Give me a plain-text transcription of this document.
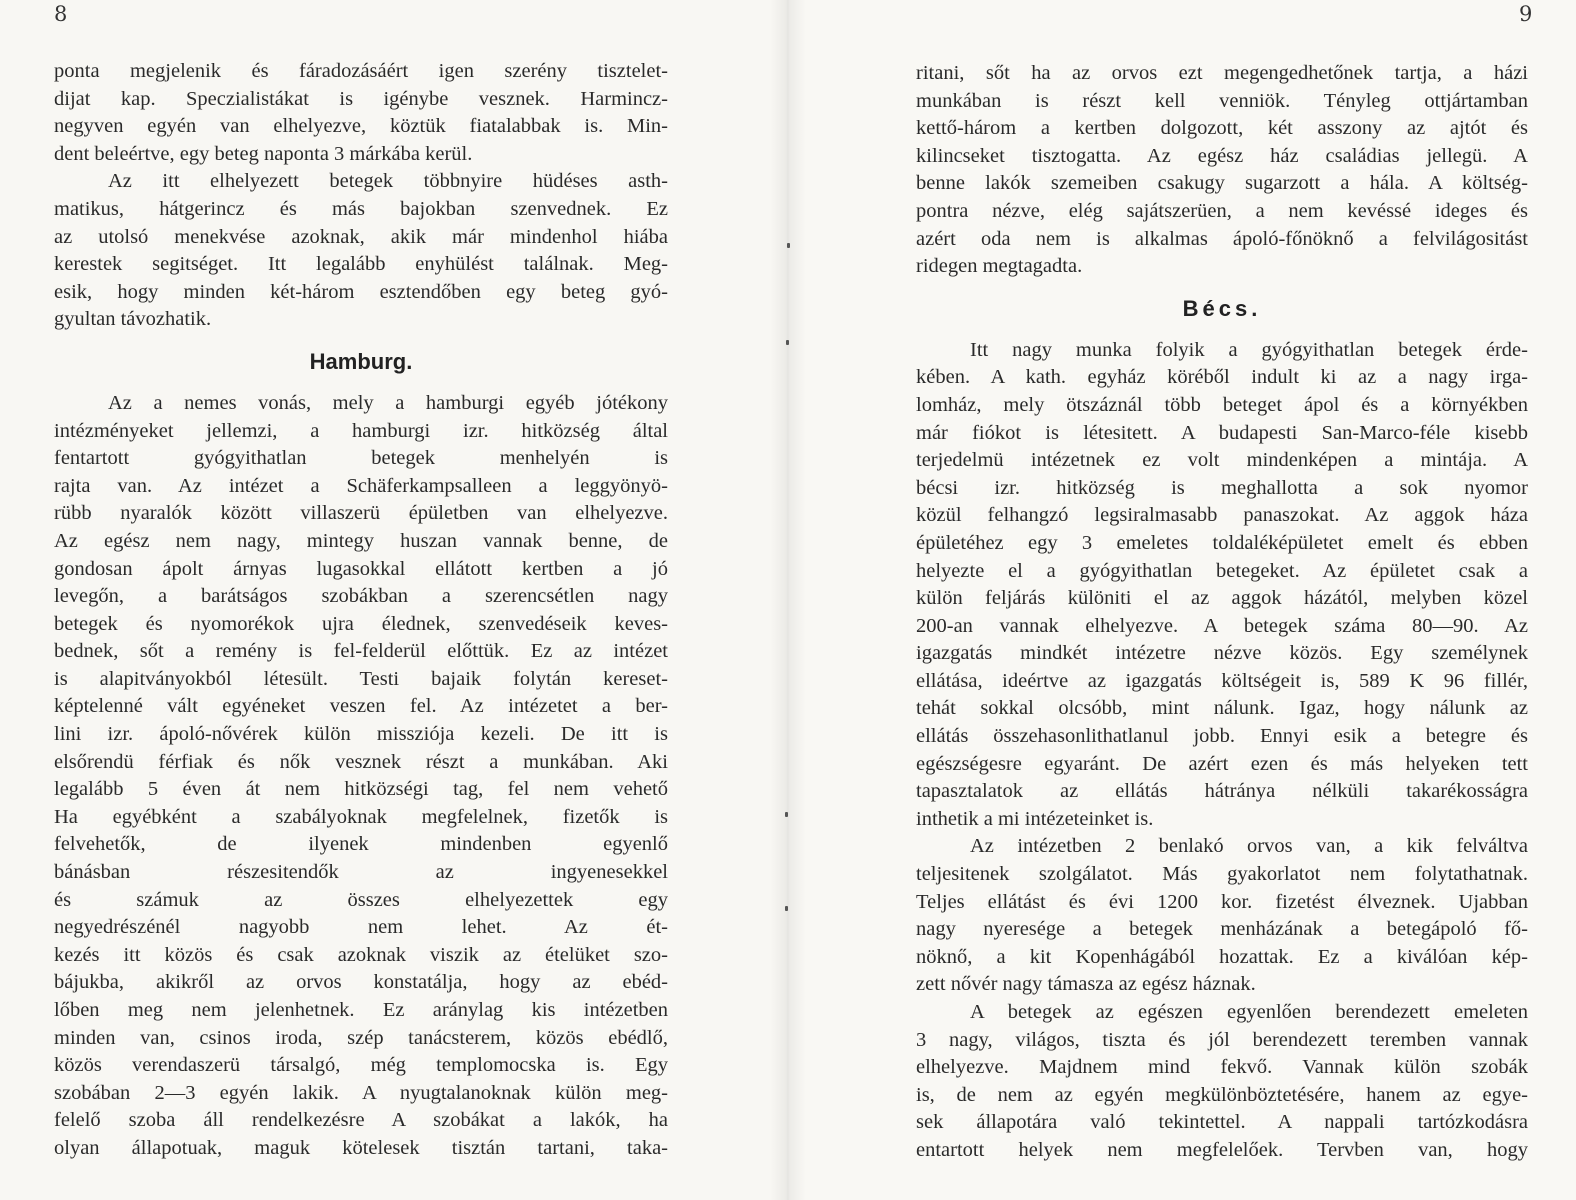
8
ponta megjelenik és fáradozásáért igen szerény tisztelet-
dijat kap. Speczialistákat is igénybe vesznek. Harmincz-
negyven egyén van elhelyezve, köztük fiatalabbak is. Min-
dent beleértve, egy beteg naponta 3 márkába kerül.
Az itt elhelyezett betegek többnyire hüdéses asth-
matikus, hátgerincz és más bajokban szenvednek. Ez
az utolsó menekvése azoknak, akik már mindenhol hiába
kerestek segitséget. Itt legalább enyhülést találnak. Meg-
esik, hogy minden két-három esztendőben egy beteg gyó-
gyultan távozhatik.
Hamburg.
Az a nemes vonás, mely a hamburgi egyéb jótékony
intézményeket jellemzi, a hamburgi izr. hitközség által
fentartott gyógyithatlan betegek menhelyén is
rajta van. Az intézet a Schäferkampsalleen a leggyönyö-
rübb nyaralók között villaszerü épületben van elhelyezve.
Az egész nem nagy, mintegy huszan vannak benne, de
gondosan ápolt árnyas lugasokkal ellátott kertben a jó
levegőn, a barátságos szobákban a szerencsétlen nagy
betegek és nyomorékok ujra élednek, szenvedéseik keves-
bednek, sőt a remény is fel-felderül előttük. Ez az intézet
is alapitványokból létesült. Testi bajaik folytán kereset-
képtelenné vált egyéneket veszen fel. Az intézetet a ber-
lini izr. ápoló-nővérek külön missziója kezeli. De itt is
elsőrendü férfiak és nők vesznek részt a munkában. Aki
legalább 5 éven át nem hitközségi tag, fel nem vehető
Ha egyébként a szabályoknak megfelelnek, fizetők is
felvehetők, de ilyenek mindenben egyenlő
bánásban részesitendők az ingyenesekkel
és számuk az összes elhelyezettek egy
negyedrészénél nagyobb nem lehet. Az ét-
kezés itt közös és csak azoknak viszik az ételüket szo-
bájukba, akikről az orvos konstatálja, hogy az ebéd-
lőben meg nem jelenhetnek. Ez aránylag kis intézetben
minden van, csinos iroda, szép tanácsterem, közös ebédlő,
közös verendaszerü társalgó, még templomocska is. Egy
szobában 2—3 egyén lakik. A nyugtalanoknak külön meg-
felelő szoba áll rendelkezésre A szobákat a lakók, ha
olyan állapotuak, maguk kötelesek tisztán tartani, taka-
9
ritani, sőt ha az orvos ezt megengedhetőnek tartja, a házi
munkában is részt kell venniök. Tényleg ottjártamban
kettő-három a kertben dolgozott, két asszony az ajtót és
kilincseket tisztogatta. Az egész ház családias jellegü. A
benne lakók szemeiben csakugy sugarzott a hála. A költség-
pontra nézve, elég sajátszerüen, a nem kevéssé ideges és
azért oda nem is alkalmas ápoló-főnöknő a felvilágositást
ridegen megtagadta.
Bécs.
Itt nagy munka folyik a gyógyithatlan betegek érde-
kében. A kath. egyház köréből indult ki az a nagy irga-
lomház, mely ötszáznál több beteget ápol és a környékben
már fiókot is létesitett. A budapesti San-Marco-féle kisebb
terjedelmü intézetnek ez volt mindenképen a mintája. A
bécsi izr. hitközség is meghallotta a sok nyomor
közül felhangzó legsiralmasabb panaszokat. Az aggok háza
épületéhez egy 3 emeletes toldaléképületet emelt és ebben
helyezte el a gyógyithatlan betegeket. Az épületet csak a
külön feljárás különiti el az aggok házától, melyben közel
200-an vannak elhelyezve. A betegek száma 80—90. Az
igazgatás mindkét intézetre nézve közös. Egy személynek
ellátása, ideértve az igazgatás költségeit is, 589 K 96 fillér,
tehát sokkal olcsóbb, mint nálunk. Igaz, hogy nálunk az
ellátás összehasonlithatlanul jobb. Ennyi esik a betegre és
egészségesre egyaránt. De azért ezen és más helyeken tett
tapasztalatok az ellátás hátránya nélküli takarékosságra
inthetik a mi intézeteinket is.
Az intézetben 2 benlakó orvos van, a kik felváltva
teljesitenek szolgálatot. Más gyakorlatot nem folytathatnak.
Teljes ellátást és évi 1200 kor. fizetést élveznek. Ujabban
nagy nyeresége a betegek menházának a betegápoló fő-
nöknő, a kit Kopenhágából hozattak. Ez a kiválóan kép-
zett nővér nagy támasza az egész háznak.
A betegek az egészen egyenlően berendezett emeleten
3 nagy, világos, tiszta és jól berendezett teremben vannak
elhelyezve. Majdnem mind fekvő. Vannak külön szobák
is, de nem az egyén megkülönböztetésére, hanem az egye-
sek állapotára való tekintettel. A nappali tartózkodásra
entartott helyek nem megfelelőek. Tervben van, hogy
